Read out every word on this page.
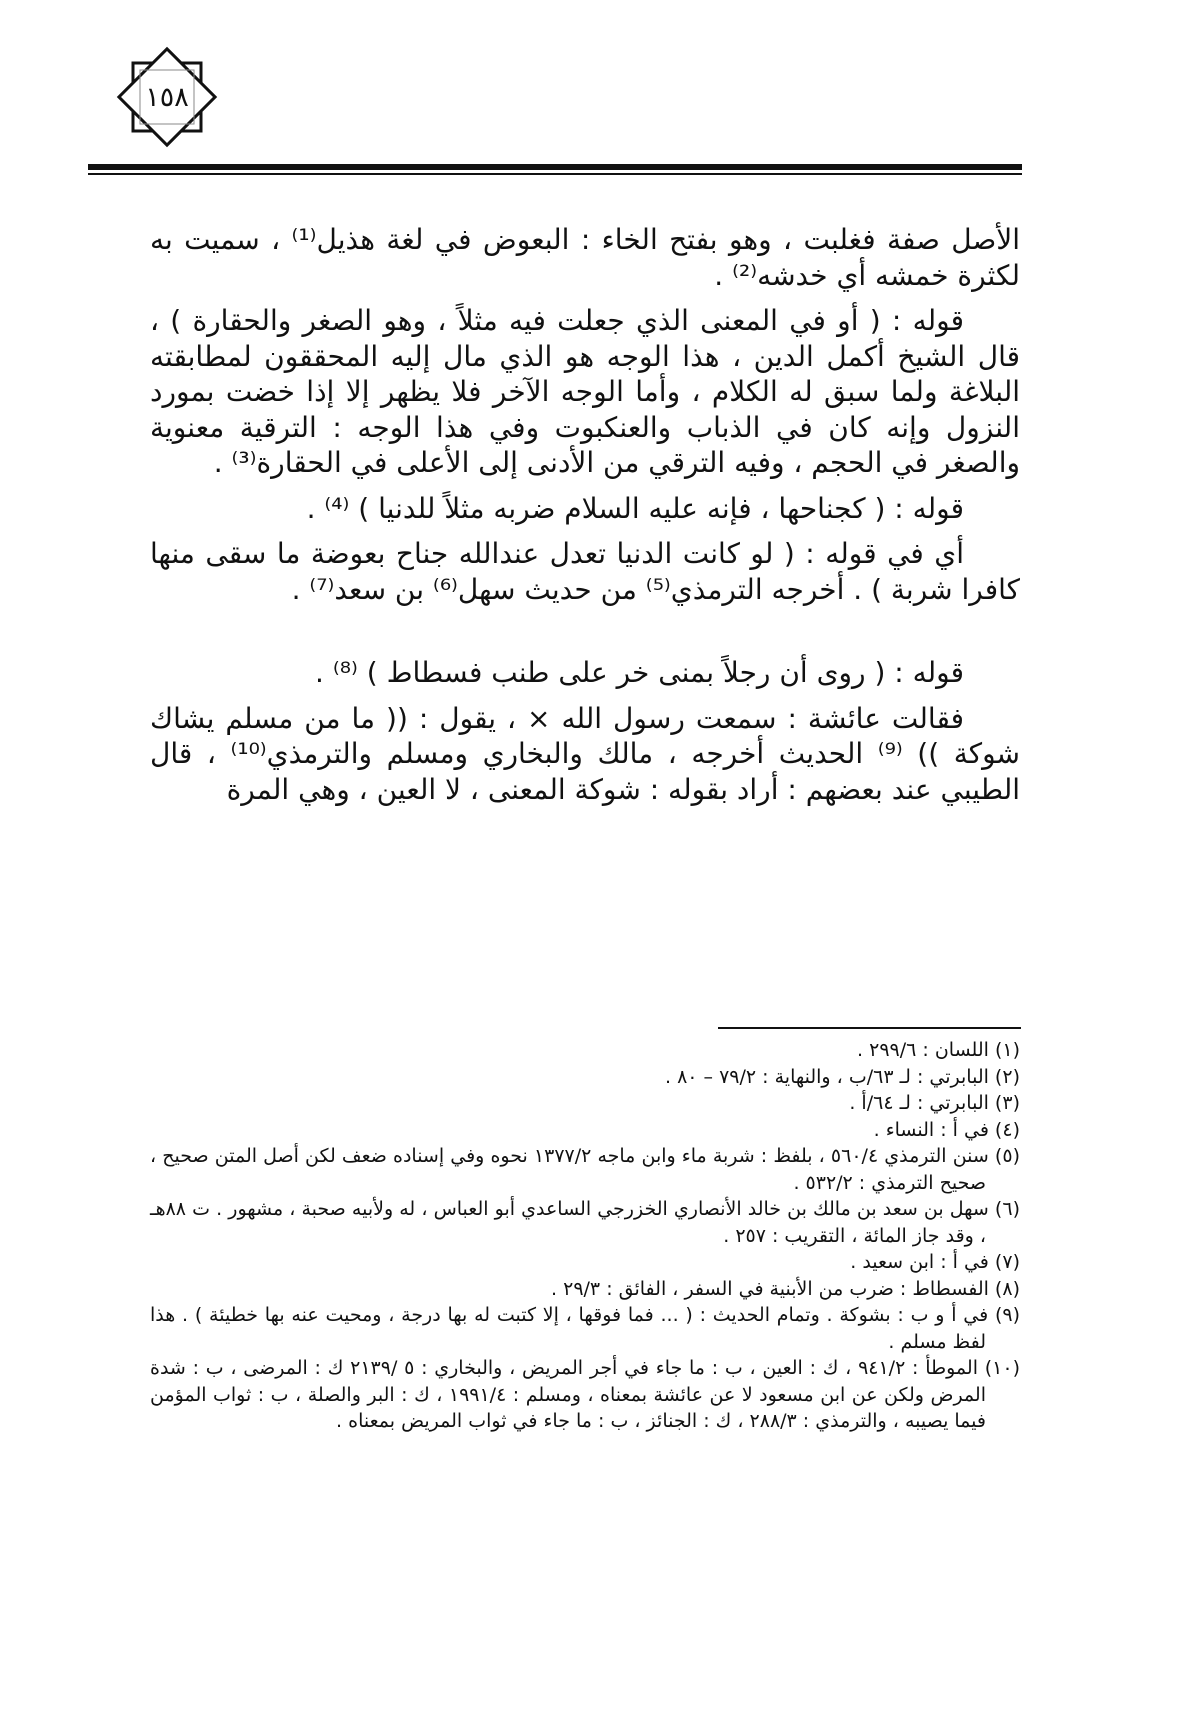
١٥٨

الأصل صفة فغلبت ، وهو بفتح الخاء : البعوض في لغة هذيل⁽¹⁾ ، سميت به لكثرة خمشه أي خدشه⁽²⁾ .

قوله : ( أو في المعنى الذي جعلت فيه مثلاً ، وهو الصغر والحقارة ) ، قال الشيخ أكمل الدين ، هذا الوجه هو الذي مال إليه المحققون لمطابقته البلاغة ولما سبق له الكلام ، وأما الوجه الآخر فلا يظهر إلا إذا خضت بمورد النزول وإنه كان في الذباب والعنكبوت وفي هذا الوجه : الترقية معنوية والصغر في الحجم ، وفيه الترقي من الأدنى إلى الأعلى في الحقارة⁽³⁾ .

قوله : ( كجناحها ، فإنه عليه السلام ضربه مثلاً للدنيا ) ⁽⁴⁾ .

أي في قوله : ( لو كانت الدنيا تعدل عندالله جناح بعوضة ما سقى منها كافرا شربة ) . أخرجه الترمذي⁽⁵⁾ من حديث سهل⁽⁶⁾ بن سعد⁽⁷⁾ .

قوله : ( روى أن رجلاً بمنى خر على طنب فسطاط ) ⁽⁸⁾ .

فقالت عائشة : سمعت رسول الله × ، يقول : (( ما من مسلم يشاك شوكة )) ⁽⁹⁾ الحديث أخرجه ، مالك والبخاري ومسلم والترمذي⁽¹⁰⁾ ، قال الطيبي عند بعضهم : أراد بقوله : شوكة المعنى ، لا العين ، وهي المرة

(١) اللسان : ٢٩٩/٦ .
(٢) البابرتي : لـ ٦٣/ب ، والنهاية : ٧٩/٢ – ٨٠ .
(٣) البابرتي : لـ ٦٤/أ .
(٤) في أ : النساء .
(٥) سنن الترمذي ٥٦٠/٤ ، بلفظ : شربة ماء وابن ماجه ١٣٧٧/٢ نحوه وفي إسناده ضعف لكن أصل المتن صحيح ، صحيح الترمذي : ٥٣٢/٢ .
(٦) سهل بن سعد بن مالك بن خالد الأنصاري الخزرجي الساعدي أبو العباس ، له ولأبيه صحبة ، مشهور . ت ٨٨هـ ، وقد جاز المائة ، التقريب : ٢٥٧ .
(٧) في أ : ابن سعيد .
(٨) الفسطاط : ضرب من الأبنية في السفر ، الفائق : ٢٩/٣ .
(٩) في أ و ب : بشوكة . وتمام الحديث : ( ... فما فوقها ، إلا كتبت له بها درجة ، ومحيت عنه بها خطيئة ) . هذا لفظ مسلم .
(١٠) الموطأ : ٩٤١/٢ ، ك : العين ، ب : ما جاء في أجر المريض ، والبخاري : ٥ /٢١٣٩ ك : المرضى ، ب : شدة المرض ولكن عن ابن مسعود لا عن عائشة بمعناه ، ومسلم : ١٩٩١/٤ ، ك : البر والصلة ، ب : ثواب المؤمن فيما يصيبه ، والترمذي : ٢٨٨/٣ ، ك : الجنائز ، ب : ما جاء في ثواب المريض بمعناه .
